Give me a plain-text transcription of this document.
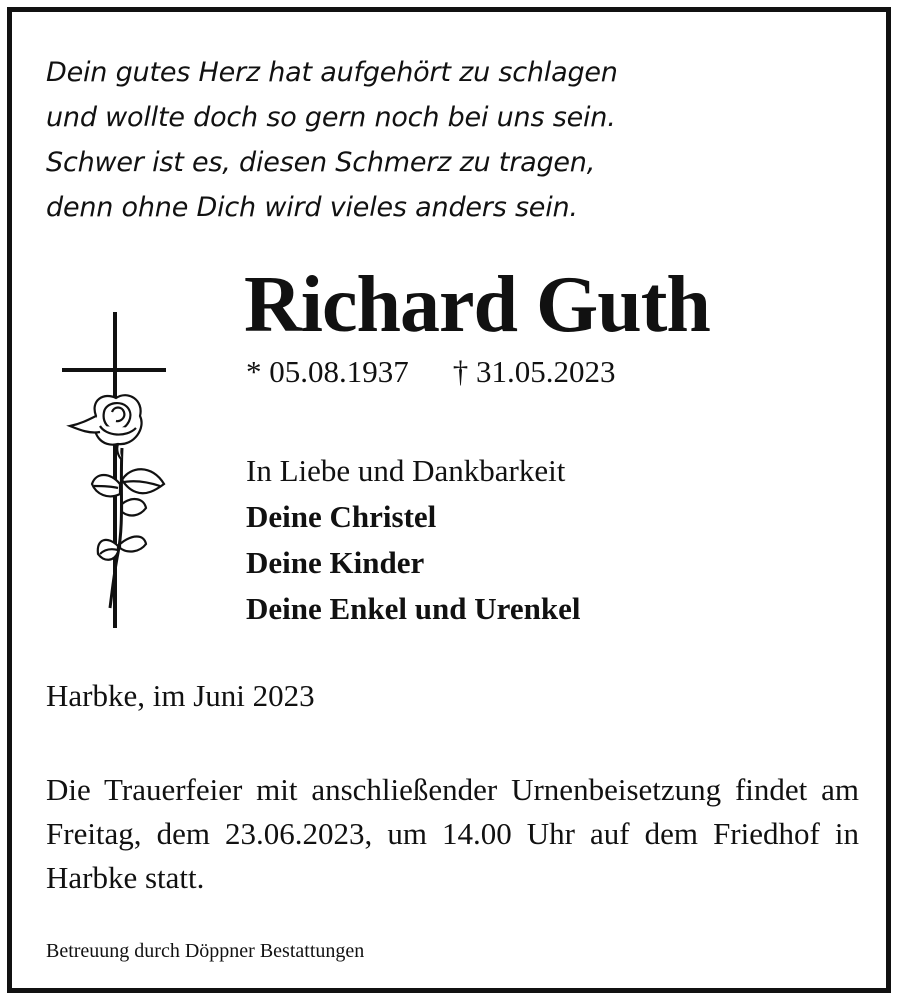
Dein gutes Herz hat aufgehört zu schlagen
und wollte doch so gern noch bei uns sein.
Schwer ist es, diesen Schmerz zu tragen,
denn ohne Dich wird vieles anders sein.
Richard Guth
* 05.08.1937 † 31.05.2023
In Liebe und Dankbarkeit
Deine Christel
Deine Kinder
Deine Enkel und Urenkel
Harbke, im Juni 2023
Die Trauerfeier mit anschließender Urnenbeisetzung findet am Freitag, dem 23.06.2023, um 14.00 Uhr auf dem Friedhof in Harbke statt.
Betreuung durch Döppner Bestattungen
